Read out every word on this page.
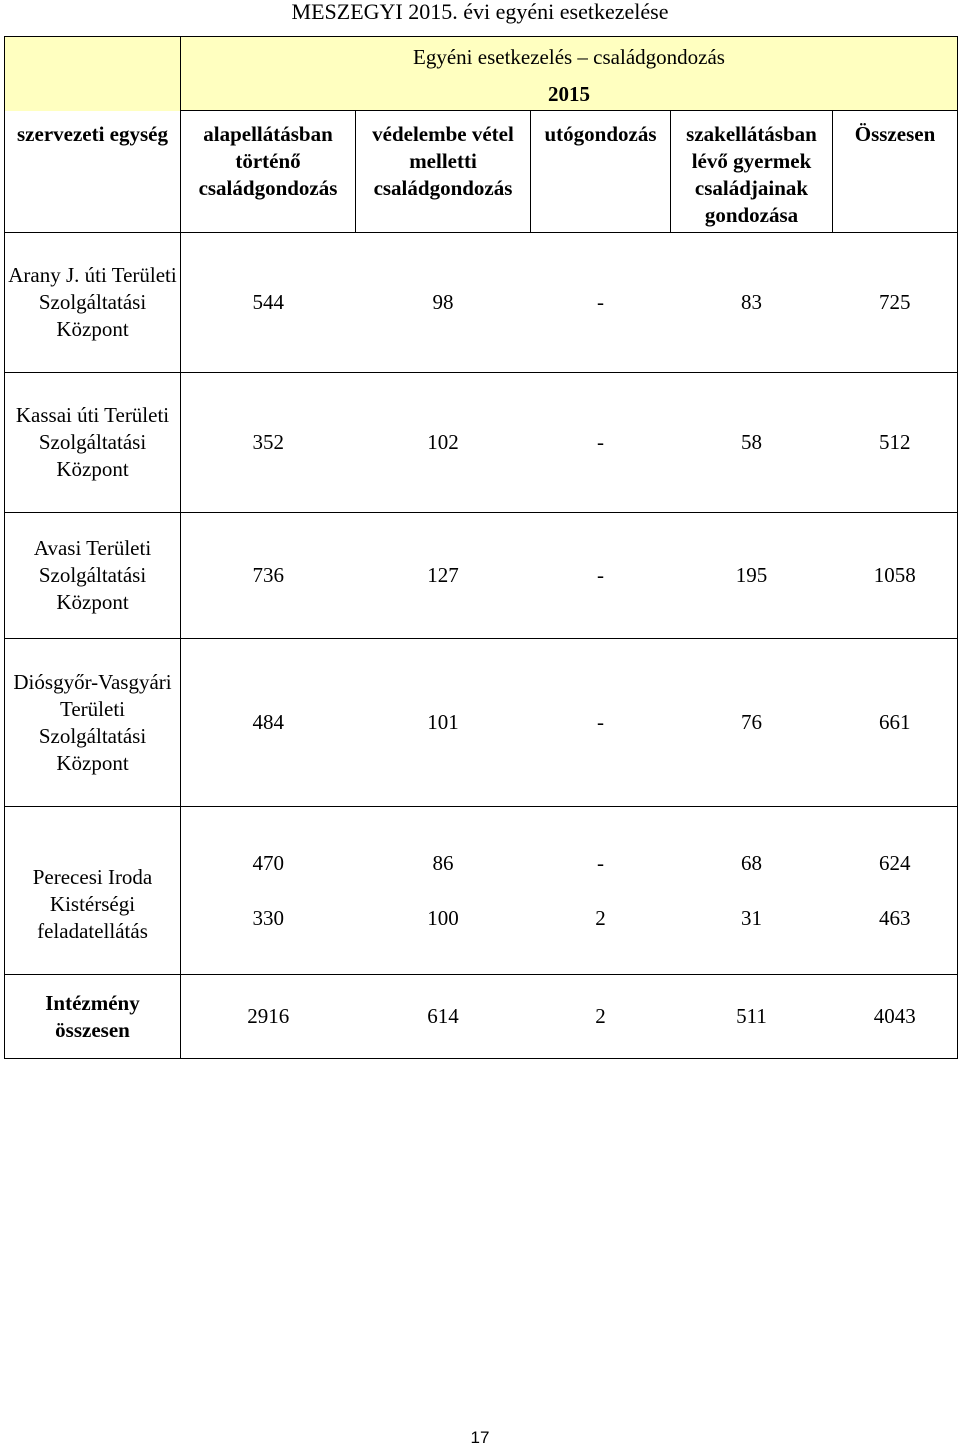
MESZEGYI 2015. évi egyéni esetkezelése
	Egyéni esetkezelés – családgondozás				
	2015				
szervezeti egység	alapellátásban történő családgondozás	védelembe vétel melletti családgondozás	utógondozás	szakellátásban lévő gyermek családjainak gondozása	Összesen
Arany J. úti Területi Szolgáltatási Központ	544	98	-	83	725
Kassai úti Területi Szolgáltatási Központ	352	102	-	58	512
Avasi Területi Szolgáltatási Központ	736	127	-	195	1058
Diósgyőr-Vasgyári Területi Szolgáltatási Központ	484	101	-	76	661
Perecesi Iroda	470	86	-	68	624
Kistérségi feladatellátás	330	100	2	31	463
Intézmény összesen	2916	614	2	511	4043
17
